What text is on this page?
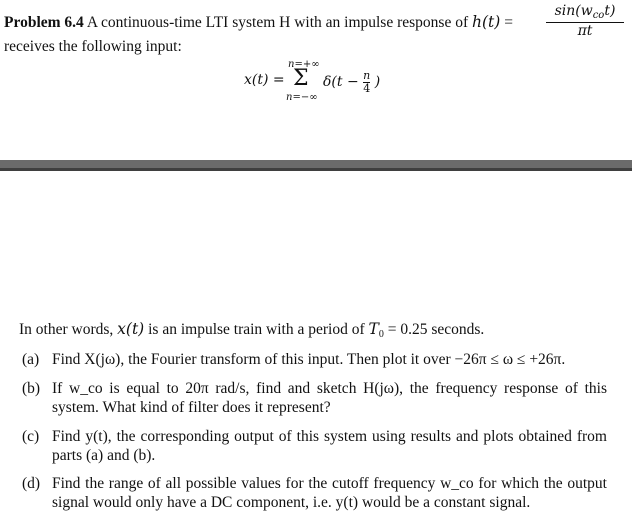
Problem 6.4 A continuous-time LTI system H with an impulse response of h(t) =
$\sin(w_{co}t)$
πt
receives the following input:
n=+∞
x(t) = Σ $\delta(t - \frac{n}{4}$ )
n=−∞
In other words, x(t) is an impulse train with a period of $T_0 = 0.25$ seconds.
(a) Find X(jω), the Fourier transform of this input. Then plot it over −26π ≤ ω ≤ +26π.
(b) If w_co is equal to 20π rad/s, find and sketch H(jω), the frequency response of this system. What kind of filter does it represent?
(c) Find y(t), the corresponding output of this system using results and plots obtained from parts (a) and (b).
(d) Find the range of all possible values for the cutoff frequency w_co for which the output signal would only have a DC component, i.e. y(t) would be a constant signal.
